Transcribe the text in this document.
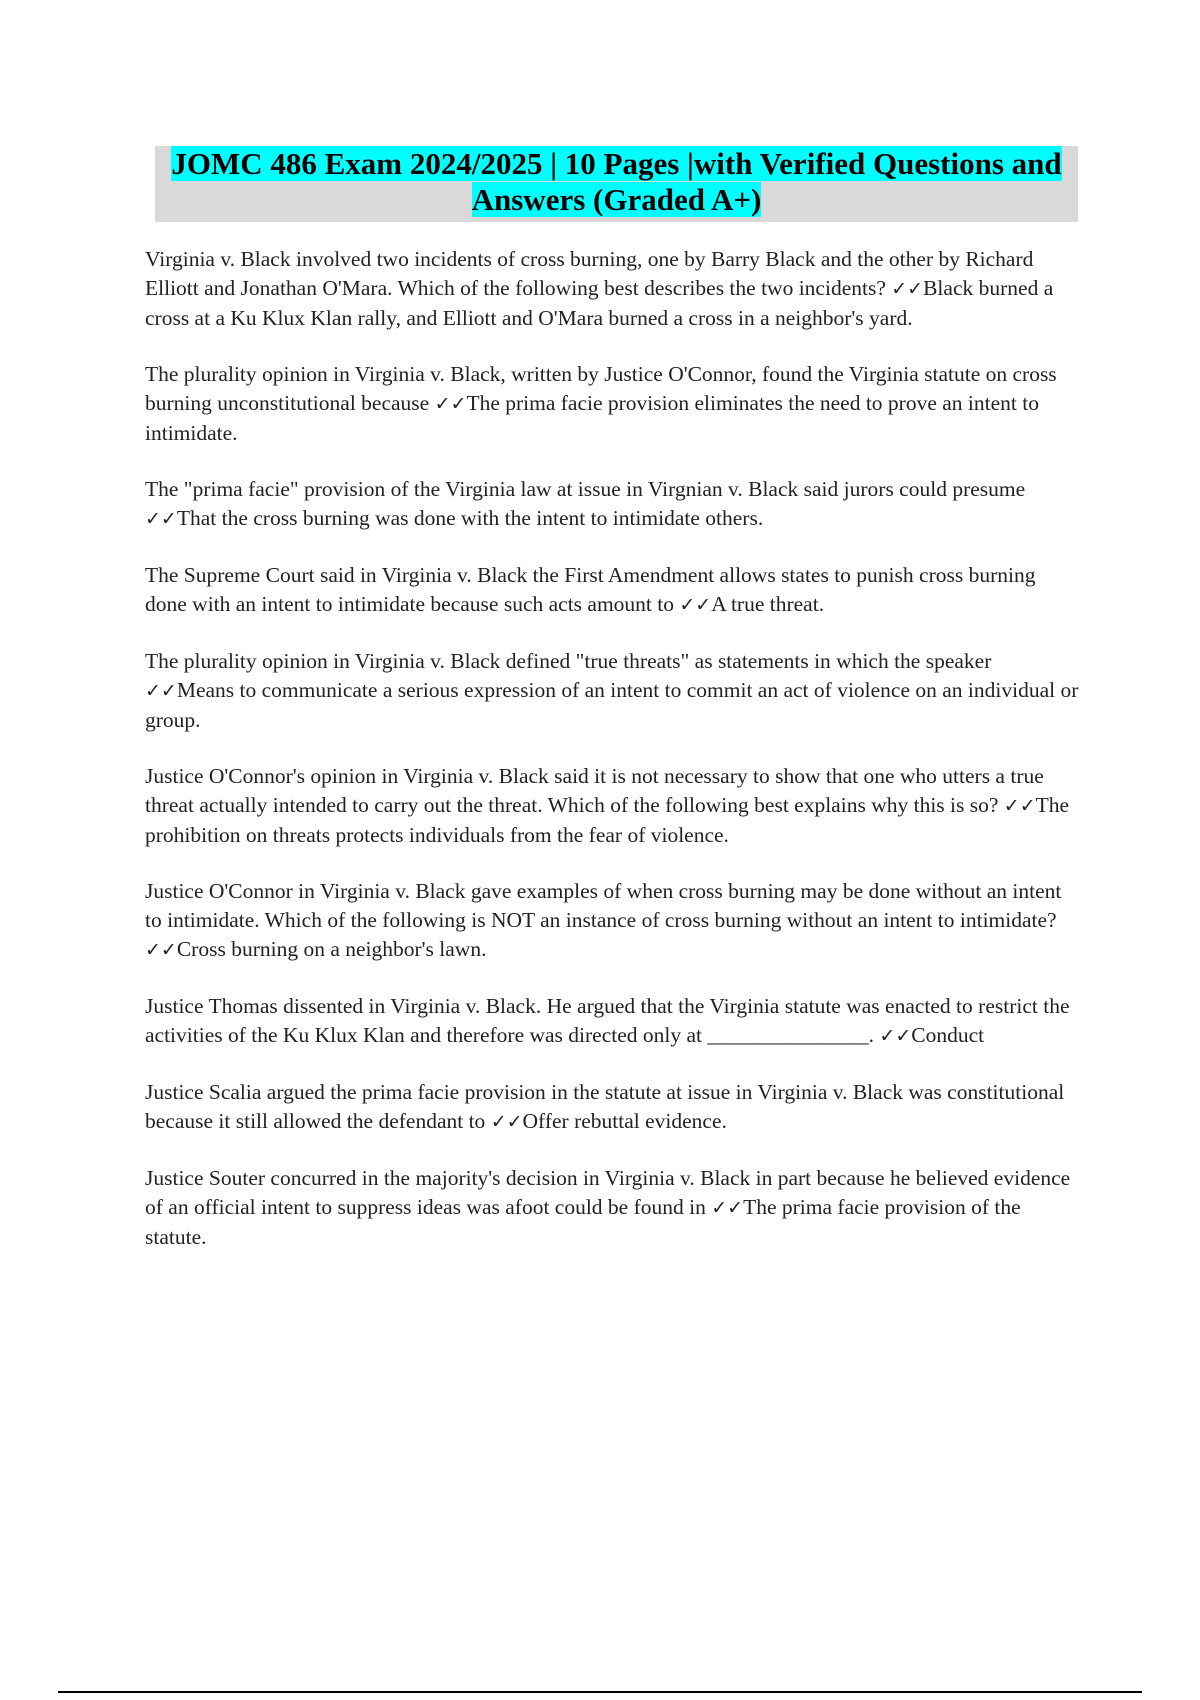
JOMC 486 Exam 2024/2025 | 10 Pages |with Verified Questions and Answers (Graded A+)
Virginia v. Black involved two incidents of cross burning, one by Barry Black and the other by Richard Elliott and Jonathan O'Mara. Which of the following best describes the two incidents? ✓✓Black burned a cross at a Ku Klux Klan rally, and Elliott and O'Mara burned a cross in a neighbor's yard.
The plurality opinion in Virginia v. Black, written by Justice O'Connor, found the Virginia statute on cross burning unconstitutional because ✓✓The prima facie provision eliminates the need to prove an intent to intimidate.
The "prima facie" provision of the Virginia law at issue in Virgnian v. Black said jurors could presume ✓✓That the cross burning was done with the intent to intimidate others.
The Supreme Court said in Virginia v. Black the First Amendment allows states to punish cross burning done with an intent to intimidate because such acts amount to ✓✓A true threat.
The plurality opinion in Virginia v. Black defined "true threats" as statements in which the speaker ✓✓Means to communicate a serious expression of an intent to commit an act of violence on an individual or group.
Justice O'Connor's opinion in Virginia v. Black said it is not necessary to show that one who utters a true threat actually intended to carry out the threat. Which of the following best explains why this is so? ✓✓The prohibition on threats protects individuals from the fear of violence.
Justice O'Connor in Virginia v. Black gave examples of when cross burning may be done without an intent to intimidate. Which of the following is NOT an instance of cross burning without an intent to intimidate? ✓✓Cross burning on a neighbor's lawn.
Justice Thomas dissented in Virginia v. Black. He argued that the Virginia statute was enacted to restrict the activities of the Ku Klux Klan and therefore was directed only at _______________. ✓✓Conduct
Justice Scalia argued the prima facie provision in the statute at issue in Virginia v. Black was constitutional because it still allowed the defendant to ✓✓Offer rebuttal evidence.
Justice Souter concurred in the majority's decision in Virginia v. Black in part because he believed evidence of an official intent to suppress ideas was afoot could be found in ✓✓The prima facie provision of the statute.
